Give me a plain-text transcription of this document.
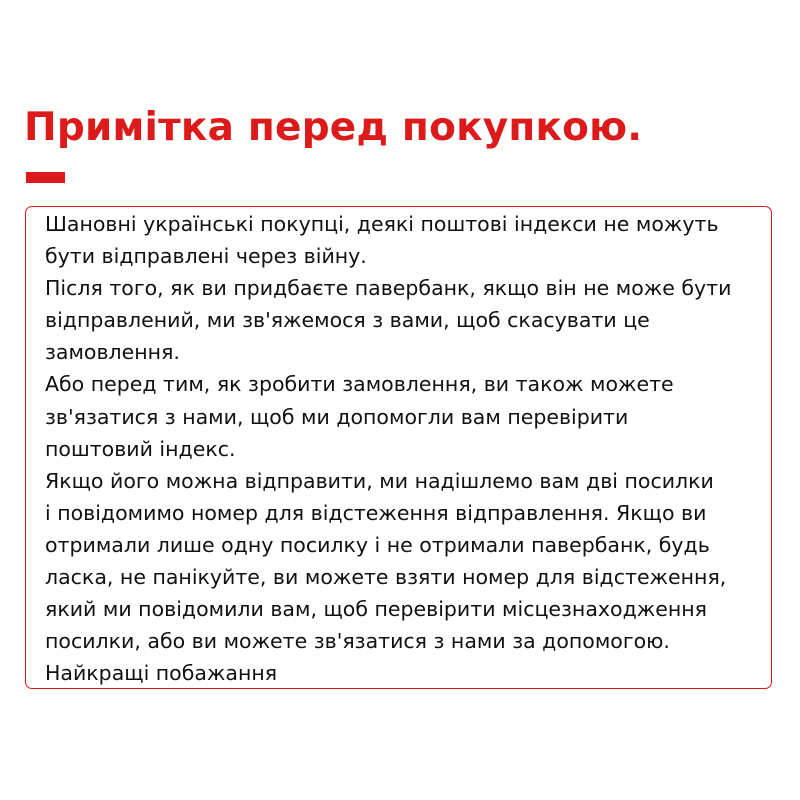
Примітка перед покупкою.

Шановні українські покупці, деякі поштові індекси не можуть
бути відправлені через війну.
Після того, як ви придбаєте павербанк, якщо він не може бути
відправлений, ми зв'яжемося з вами, щоб скасувати це
замовлення.
Або перед тим, як зробити замовлення, ви також можете
зв'язатися з нами, щоб ми допомогли вам перевірити
поштовий індекс.
Якщо його можна відправити, ми надішлемо вам дві посилки
і повідомимо номер для відстеження відправлення. Якщо ви
отримали лише одну посилку і не отримали павербанк, будь
ласка, не панікуйте, ви можете взяти номер для відстеження,
який ми повідомили вам, щоб перевірити місцезнаходження
посилки, або ви можете зв'язатися з нами за допомогою.
Найкращі побажання
